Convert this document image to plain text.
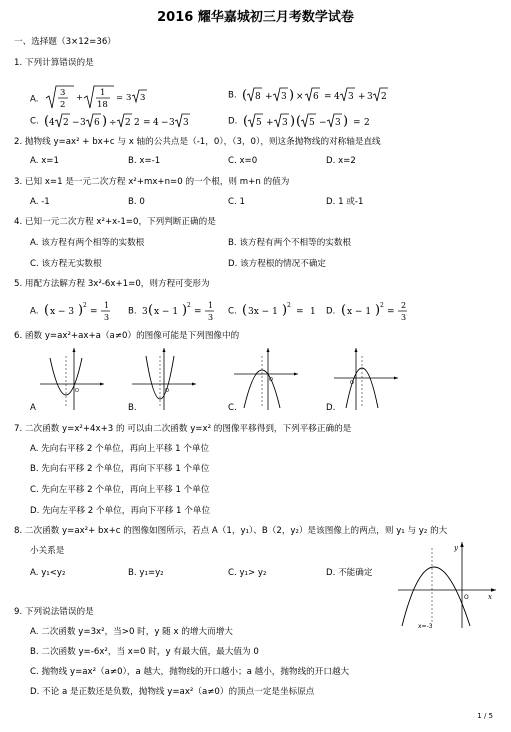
2016 耀华嘉城初三月考数学试卷
一、选择题（3×12=36）
1. 下列计算错误的是
A.
3
2
+ 1
18
= 3 3	B. ( 8 + 3 ) × 6 = 4 3 + 3 2
C. ( 4 2 − 3 6 ) ÷ 2 2 = 4 − 3 3	D. ( 5 + 3 ) ( 5 − 3 ) = 2
2. 抛物线 y=ax² + bx+c 与 x 轴的公共点是（-1，0），（3，0），则这条抛物线的对称轴是直线
A. x=1	B. x=-1	C. x=0	D. x=2
3. 已知 x=1 是一元二次方程 x²+mx+n=0 的一个根，则 m+n 的值为
A. -1	B. 0	C. 1	D. 1 或-1
4. 已知一元二次方程 x²+x-1=0，下列判断正确的是
A. 该方程有两个相等的实数根	B. 该方程有两个不相等的实数根
C. 该方程无实数根	D. 该方程根的情况不确定
5. 用配方法解方程 3x²-6x+1=0，则方程可变形为
A. ( x − 3 ) 2
=
1
3
B. 3 ( x − 1 ) 2
=
1
3
C. ( 3x − 1 ) 2
= 1 D. ( x − 1 ) 2
=
2
3
6. 函数 y=ax²+ax+a（a≠0）的图像可能是下列图像中的
O
A
O
B.
O
C.
O
D.
7. 二次函数 y=x²+4x+3 的 可以由二次函数 y=x² 的图像平移得到，下列平移正确的是
A. 先向右平移 2 个单位，再向上平移 1 个单位
B. 先向右平移 2 个单位，再向下平移 1 个单位
C. 先向左平移 2 个单位，再向上平移 1 个单位
D. 先向左平移 2 个单位，再向下平移 1 个单位
8. 二次函数 y=ax²+ bx+c 的图像如图所示，若点 A（1，y₁）、B（2，y₂）是该图像上的两点，则 y₁ 与 y₂ 的大
小关系是
A. y₁<y₂	B. y₁=y₂	C. y₁> y₂	D. 不能确定
y
x
O
x=-3
9. 下列说法错误的是
A. 二次函数 y=3x²，当>0 时，y 随 x 的增大而增大
B. 二次函数 y=-6x²，当 x=0 时，y 有最大值，最大值为 0
C. 抛物线 y=ax²（a≠0），a 越大，抛物线的开口越小；a 越小，抛物线的开口越大
D. 不论 a 是正数还是负数，抛物线 y=ax²（a≠0）的顶点一定是坐标原点
1 / 5
